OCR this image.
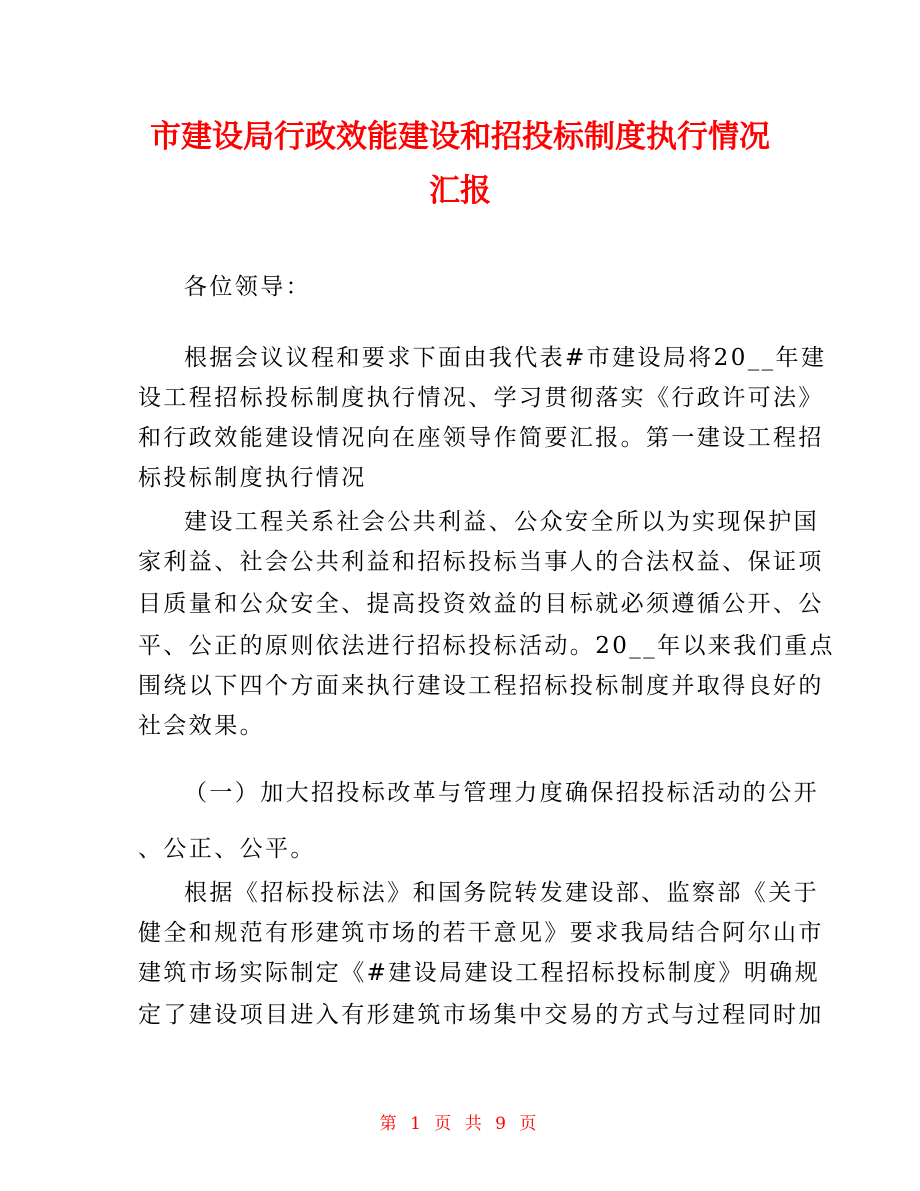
市建设局行政效能建设和招投标制度执行情况
汇报
各位领导：
根据会议议程和要求下面由我代表#市建设局将20__年建
设工程招标投标制度执行情况、学习贯彻落实《行政许可法》
和行政效能建设情况向在座领导作简要汇报。第一建设工程招
标投标制度执行情况
建设工程关系社会公共利益、公众安全所以为实现保护国
家利益、社会公共利益和招标投标当事人的合法权益、保证项
目质量和公众安全、提高投资效益的目标就必须遵循公开、公
平、公正的原则依法进行招标投标活动。20__年以来我们重点
围绕以下四个方面来执行建设工程招标投标制度并取得良好的
社会效果。
（一）加大招投标改革与管理力度确保招投标活动的公开
、公正、公平。
根据《招标投标法》和国务院转发建设部、监察部《关于
健全和规范有形建筑市场的若干意见》要求我局结合阿尔山市
建筑市场实际制定《#建设局建设工程招标投标制度》明确规
定了建设项目进入有形建筑市场集中交易的方式与过程同时加
第 1 页 共 9 页
